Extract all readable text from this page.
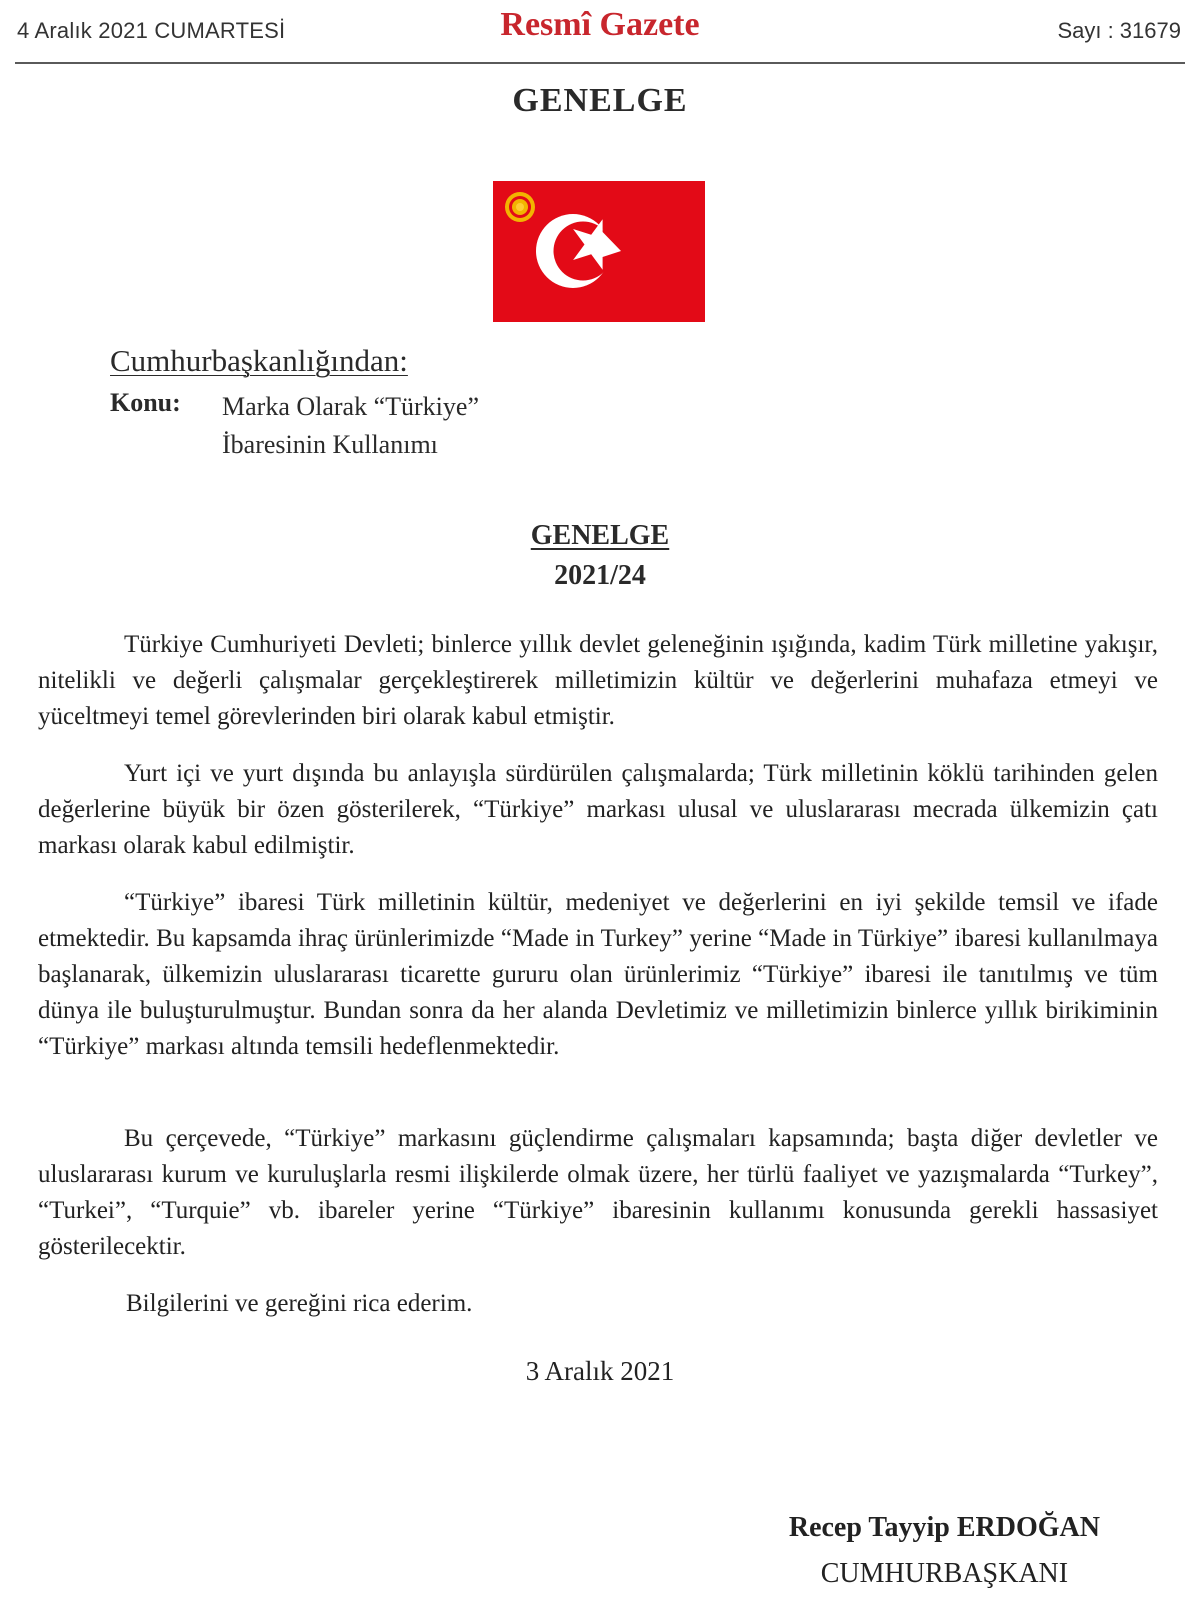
4 Aralık 2021 CUMARTESİ	Resmî Gazete	Sayı : 31679
GENELGE
Cumhurbaşkanlığından:
Konu: Marka Olarak “Türkiye”
İbaresinin Kullanımı
GENELGE
2021/24

Türkiye Cumhuriyeti Devleti; binlerce yıllık devlet geleneğinin ışığında, kadim Türk milletine yakışır, nitelikli ve değerli çalışmalar gerçekleştirerek milletimizin kültür ve değerlerini muhafaza etmeyi ve yüceltmeyi temel görevlerinden biri olarak kabul etmiştir.

Yurt içi ve yurt dışında bu anlayışla sürdürülen çalışmalarda; Türk milletinin köklü tarihinden gelen değerlerine büyük bir özen gösterilerek, “Türkiye” markası ulusal ve uluslararası mecrada ülkemizin çatı markası olarak kabul edilmiştir.

“Türkiye” ibaresi Türk milletinin kültür, medeniyet ve değerlerini en iyi şekilde temsil ve ifade etmektedir. Bu kapsamda ihraç ürünlerimizde “Made in Turkey” yerine “Made in Türkiye” ibaresi kullanılmaya başlanarak, ülkemizin uluslararası ticarette gururu olan ürünlerimiz “Türkiye” ibaresi ile tanıtılmış ve tüm dünya ile buluşturulmuştur. Bundan sonra da her alanda Devletimiz ve milletimizin binlerce yıllık birikiminin “Türkiye” markası altında temsili hedeflenmektedir.

Bu çerçevede, “Türkiye” markasını güçlendirme çalışmaları kapsamında; başta diğer devletler ve uluslararası kurum ve kuruluşlarla resmi ilişkilerde olmak üzere, her türlü faaliyet ve yazışmalarda “Turkey”, “Turkei”, “Turquie” vb. ibareler yerine “Türkiye” ibaresinin kullanımı konusunda gerekli hassasiyet gösterilecektir.

Bilgilerini ve gereğini rica ederim.
3 Aralık 2021
Recep Tayyip ERDOĞAN
CUMHURBAŞKANI
